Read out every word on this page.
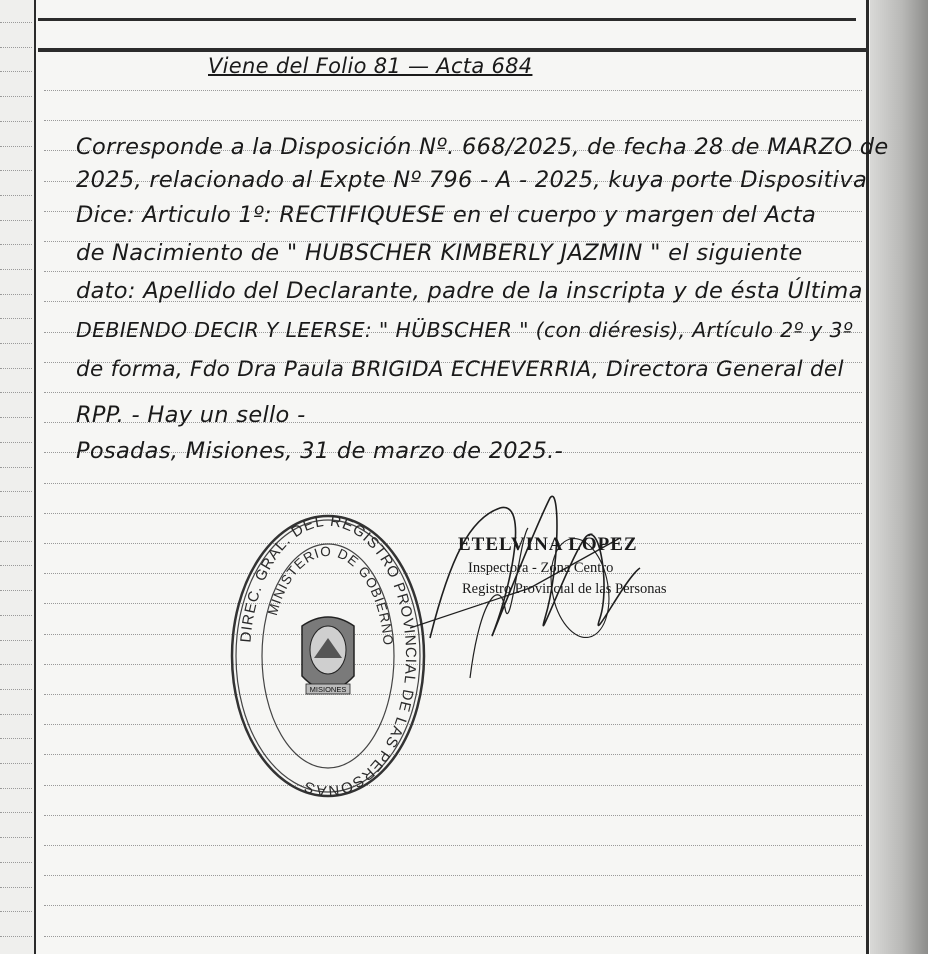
Viene del Folio 81 — Acta 684
Corresponde a la Disposición Nº. 668/2025, de fecha 28 de MARZO de
2025, relacionado al Expte Nº 796 - A - 2025, kuya porte Dispositiva
Dice: Articulo 1º: RECTIFIQUESE en el cuerpo y margen del Acta
de Nacimiento de " HUBSCHER KIMBERLY JAZMIN " el siguiente
dato: Apellido del Declarante, padre de la inscripta y de ésta Última
DEBIENDO DECIR Y LEERSE: " HÜBSCHER " (con diéresis), Artículo 2º y 3º
de forma, Fdo Dra Paula BRIGIDA ECHEVERRIA, Directora General del
RPP. - Hay un sello -
Posadas, Misiones, 31 de marzo de 2025.-
DIREC. GRAL. DEL REGISTRO PROVINCIAL DE LAS PERSONAS
MINISTERIO DE GOBIERNO
MISIONES
ETELVINA LÓPEZ
Inspectora - Zona Centro
Registro Provincial de las Personas
